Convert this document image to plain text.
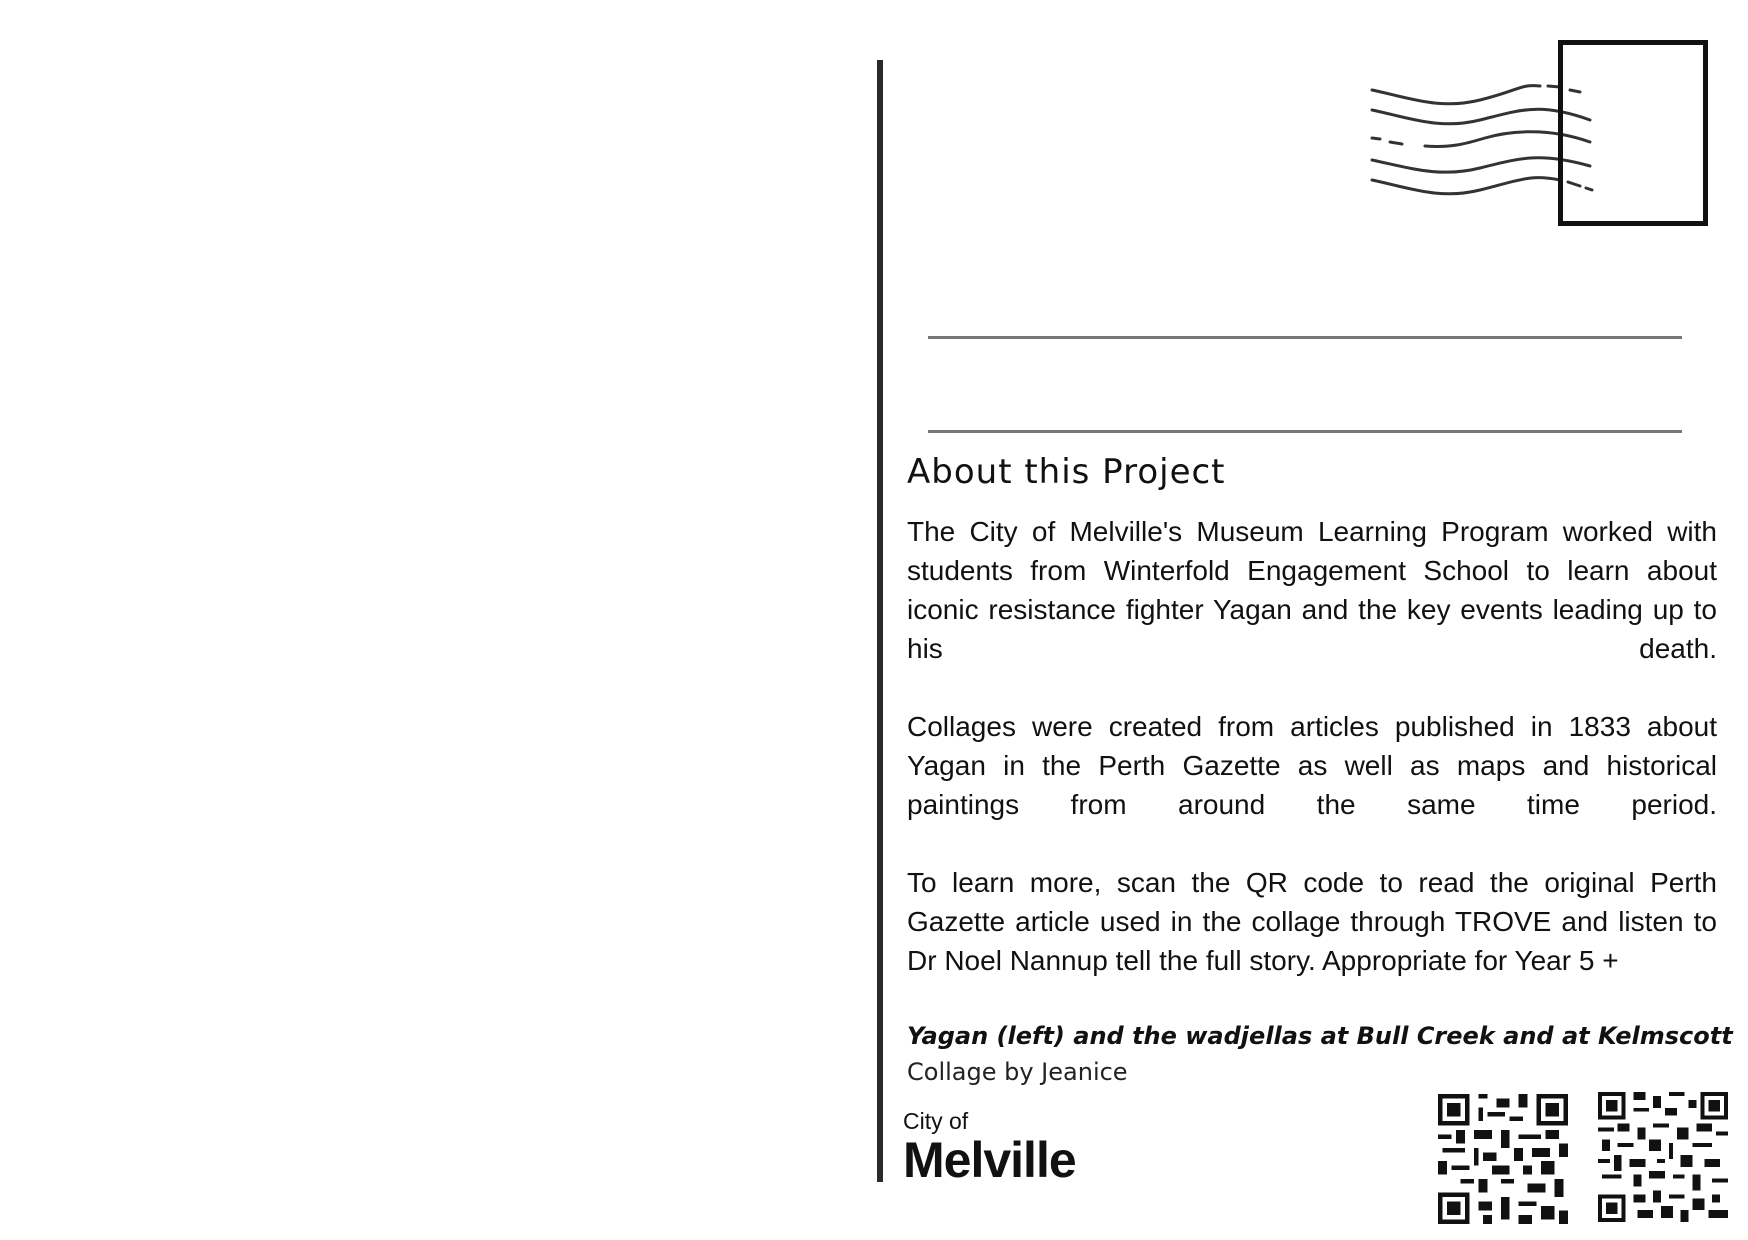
About this Project

The City of Melville's Museum Learning Program worked with students from Winterfold Engagement School to learn about iconic resistance fighter Yagan and the key events leading up to his death.

Collages were created from articles published in 1833 about Yagan in the Perth Gazette as well as maps and historical paintings from around the same time period.

To learn more, scan the QR code to read the original Perth Gazette article used in the collage through TROVE and listen to Dr Noel Nannup tell the full story. Appropriate for Year 5 +

Yagan (left) and the wadjellas at Bull Creek and at Kelmscott

Collage by Jeanice

City of
Melville
